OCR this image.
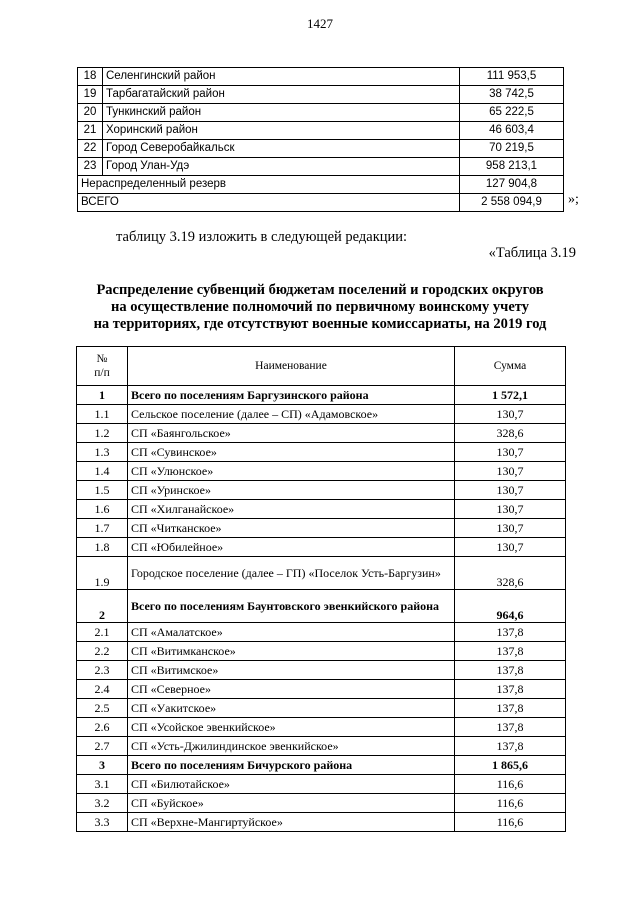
1427
18	Селенгинский район	111 953,5
19	Тарбагатайский район	38 742,5
20	Тункинский район	65 222,5
21	Хоринский район	46 603,4
22	Город Северобайкальск	70 219,5
23	Город Улан-Удэ	958 213,1
Нераспределенный резерв		127 904,8
ВСЕГО		2 558 094,9 »;
таблицу 3.19 изложить в следующей редакции:
«Таблица 3.19
Распределение субвенций бюджетам поселений и городских округов
на осуществление полномочий по первичному воинскому учету
на территориях, где отсутствуют военные комиссариаты, на 2019 год
№
п/п	Наименование	Сумма
1	Всего по поселениям Баргузинского района	1 572,1
1.1	Сельское поселение (далее – СП) «Адамовское»	130,7
1.2	СП «Баянгольское»	328,6
1.3	СП «Сувинское»	130,7
1.4	СП «Улюнское»	130,7
1.5	СП «Уринское»	130,7
1.6	СП «Хилганайское»	130,7
1.7	СП «Читканское»	130,7
1.8	СП «Юбилейное»	130,7
1.9	Городское поселение (далее – ГП) «Поселок Усть-Баргузин»	328,6
2	Всего по поселениям Баунтовского эвенкийского района	964,6
2.1	СП «Амалатское»	137,8
2.2	СП «Витимканское»	137,8
2.3	СП «Витимское»	137,8
2.4	СП «Северное»	137,8
2.5	СП «Уакитское»	137,8
2.6	СП «Усойское эвенкийское»	137,8
2.7	СП «Усть-Джилиндинское эвенкийское»	137,8
3	Всего по поселениям Бичурского района	1 865,6
3.1	СП «Билютайское»	116,6
3.2	СП «Буйское»	116,6
3.3	СП «Верхне-Мангиртуйское»	116,6
